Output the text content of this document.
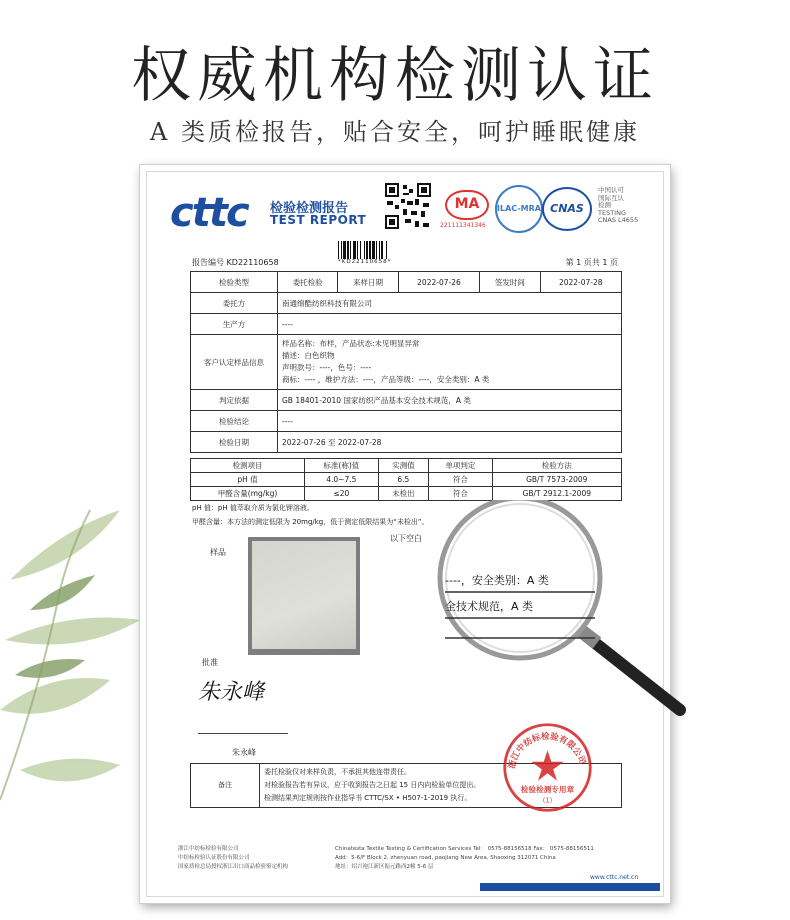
权威机构检测认证
A 类质检报告，贴合安全，呵护睡眠健康
cttc 检验检测报告
TEST REPORT
MA
221111341346
ILAC-MRA CNAS
中国认可
国际互认
检测
TESTING
CNAS L4655
报告编号 KD22110658	*KD22110658*	第 1 页共 1 页
检验类型	委托检验	来样日期	2022-07-26	签发时间	2022-07-28
委托方	南通绵酷纺织科技有限公司				
生产方	----				
客户认定样品信息	样品名称：布样，产品状态:未见明显异常
描述：白色织物
声明款号：----，色号：----
商标：---- ，维护方法：----，产品等级：----，安全类别：A 类				

判定依据	GB 18401-2010 国家纺织产品基本安全技术规范，A 类				
检验结论	----				
检验日期	2022-07-26 至 2022-07-28				
检测项目	标准(称)值	实测值	单项判定	检验方法
pH 值	4.0~7.5	6.5	符合	GB/T 7573-2009
甲醛含量(mg/kg)	≤20	未检出	符合	GB/T 2912.1-2009
pH 值：pH 值萃取介质为氯化钾溶液。
甲醛含量：本方法的测定低限为 20mg/kg，低于测定低限结果为“未检出”。
以下空白
样品
批准
朱永峰
朱永峰
备注	
委托检验仅对来样负责，不承担其他连带责任。
对检验报告若有异议，应于收到报告之日起 15 日内向检验单位提出。
检测结果判定规则按作业指导书 CTTC/SX • H507-1-2019 执行。
浙江中纺标检验有限公司
检验检测专用章
(1)
浙江中纺标检验有限公司
中纺标检验认证股份有限公司
国家质检总局授权浙江出口商品检验鉴定机构
Chinatesta Textile Testing & Certification Services Tel： 0575-88156518 Fax： 0575-88156511
Add：5-6/F Block 2, zhenyuan road, paojiang New Area, Shaoxing 312071 China
地址：绍兴袍江新区振元路西2幢 5-6 层
www.cttc.net.cn
----，安全类别：A 类
全技术规范，A 类
